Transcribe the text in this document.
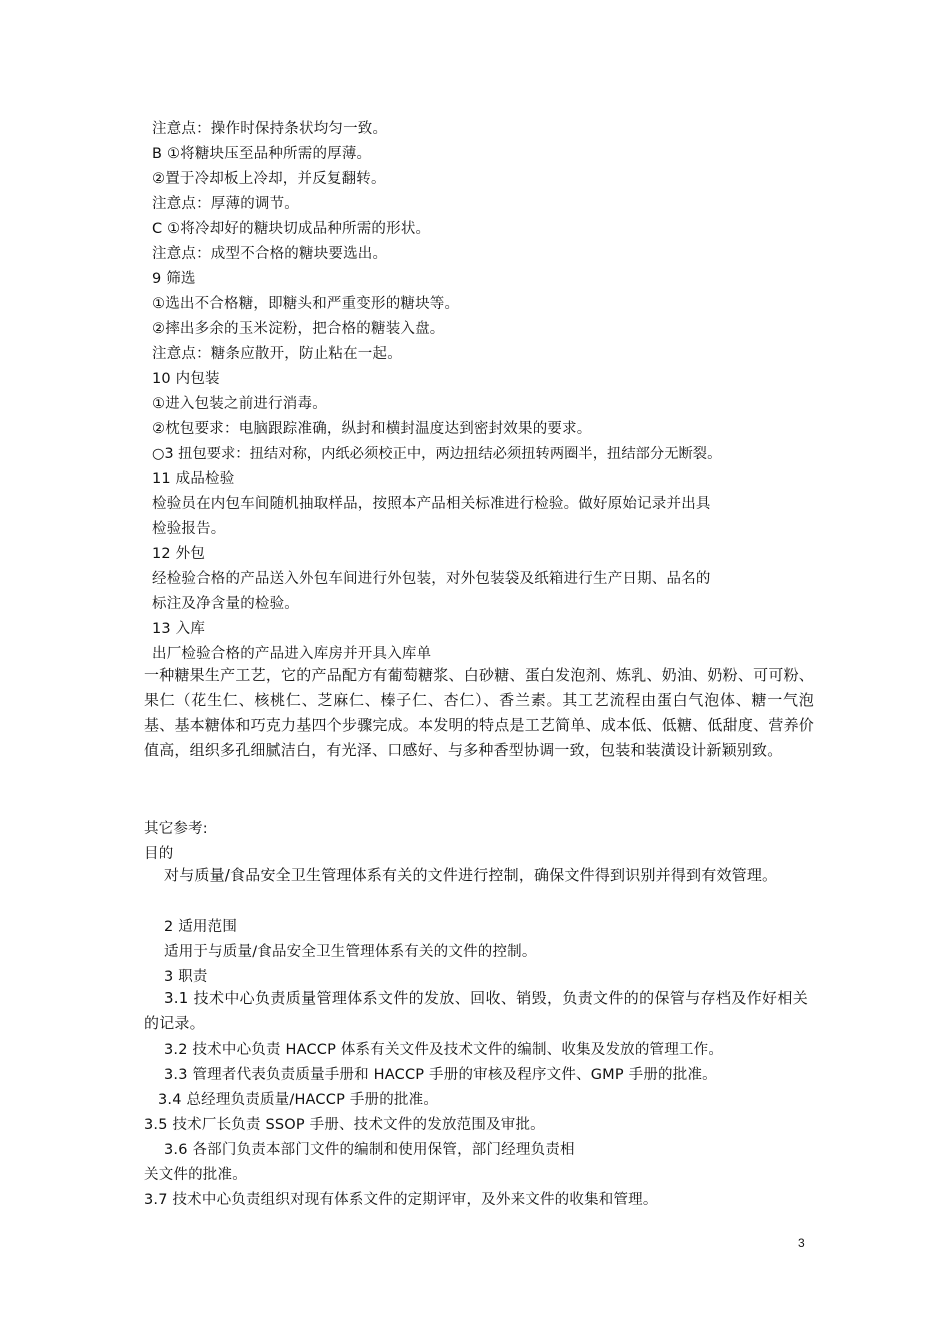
注意点：操作时保持条状均匀一致。
B ①将糖块压至品种所需的厚薄。
②置于冷却板上冷却，并反复翻转。
注意点：厚薄的调节。
C ①将冷却好的糖块切成品种所需的形状。
注意点：成型不合格的糖块要选出。
9 筛选
①选出不合格糖，即糖头和严重变形的糖块等。
②摔出多余的玉米淀粉，把合格的糖装入盘。
注意点：糖条应散开，防止粘在一起。
10 内包装
①进入包装之前进行消毒。
②枕包要求：电脑跟踪准确，纵封和横封温度达到密封效果的要求。
○3 扭包要求：扭结对称，内纸必须校正中，两边扭结必须扭转两圈半，扭结部分无断裂。
11 成品检验
检验员在内包车间随机抽取样品，按照本产品相关标准进行检验。做好原始记录并出具
检验报告。
12 外包
经检验合格的产品送入外包车间进行外包装，对外包装袋及纸箱进行生产日期、品名的
标注及净含量的检验。
13 入库
出厂检验合格的产品进入库房并开具入库单
一种糖果生产工艺，它的产品配方有葡萄糖浆、白砂糖、蛋白发泡剂、炼乳、奶油、奶粉、可可粉、果仁（花生仁、核桃仁、芝麻仁、榛子仁、杏仁）、香兰素。其工艺流程由蛋白气泡体、糖一气泡基、基本糖体和巧克力基四个步骤完成。本发明的特点是工艺简单、成本低、低糖、低甜度、营养价值高，组织多孔细腻洁白，有光泽、口感好、与多种香型协调一致，包装和装潢设计新颖别致。
其它参考:
目的
对与质量/食品安全卫生管理体系有关的文件进行控制，确保文件得到识别并得到有效管理。
2 适用范围
适用于与质量/食品安全卫生管理体系有关的文件的控制。
3 职责
3.1 技术中心负责质量管理体系文件的发放、回收、销毁，负责文件的的保管与存档及作好相关的记录。
3.2 技术中心负责 HACCP 体系有关文件及技术文件的编制、收集及发放的管理工作。
3.3 管理者代表负责质量手册和 HACCP 手册的审核及程序文件、GMP 手册的批准。
3.4 总经理负责质量/HACCP 手册的批准。
3.5 技术厂长负责 SSOP 手册、技术文件的发放范围及审批。
3.6 各部门负责本部门文件的编制和使用保管，部门经理负责相
关文件的批准。
3.7 技术中心负责组织对现有体系文件的定期评审，及外来文件的收集和管理。
3
